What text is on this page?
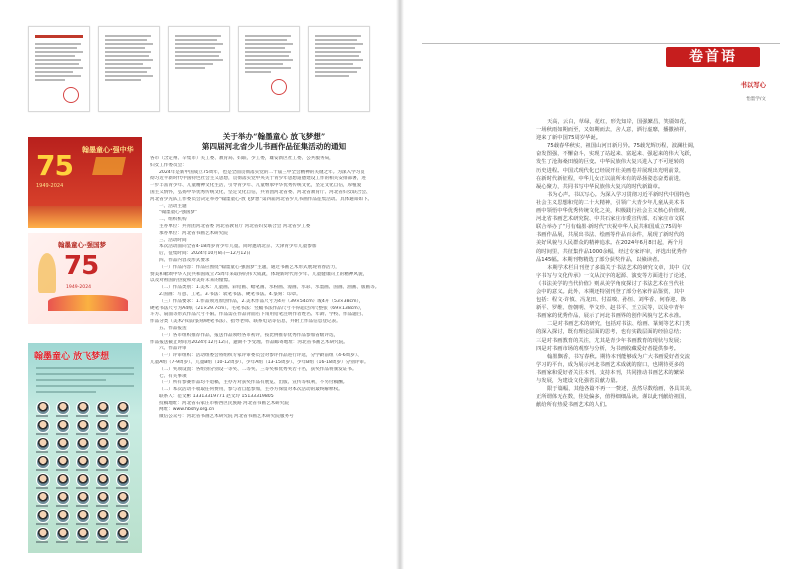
关于举办“翰墨童心 放飞梦想”
第四届河北省少儿书画作品征集活动的通知

各市（含定州、辛集市）关工委、教育局、妇联、少工委，雄安新区社工委、公共服务局，

妇女工作委员会：

2024年是新中国成立75周年，也是全面贯彻落实党的二十届三中全会精神的关键之年。为深入学习贯

彻习近平新时代中国特色社会主义思想，贯彻落实党中央关于青少年思想道德建设工作的相关安排部署，进

一步丰富青少年、儿童精神文化生活，引导青少年、儿童继承中华优秀传统文化，坚定文化自信，厚植爱

国主义情怀，弘扬中华优秀传统文化，坚定文化自信，共青团河北省委、河北省教育厅、河北省妇女联合会、

河北省少先队工作委员会决定举办“翰墨童心·放飞梦想”第四届河北省少儿书画作品征集活动。具体通知如下。

一、活动主题

“翰墨童心·强国梦”

二、组织机构

主办单位：共青团河北省委 河北省教育厅 河北省妇女联合会 河北省少工委

承办单位：河北省书画艺术研究院

三、活动时间

本次活动面向全省4-18周岁青少年儿童。同时邀请北京、天津青少年儿童参加

后，征集时间：2024年10月8日—12月12日

四、作品内容及形式要求

（一）作品内容：作品应围绕“翰墨童心·强国梦”主题，通过书画艺术形式展现青春活力，

赞美和歌颂中华人民共和国成立75周年来取得的伟大成就，体现新时代青少年、儿童健康向上的精神风貌，

以及对祖国的热爱和对美好未来的憧憬。

（二）作品类别：1.美术：儿童画、彩铅画、蜡笔画、水粉画、漫画、水彩、水墨画、国画、油画、版画等。

2.国画：写意、工笔。3.书法：软笔书法、硬笔书法。4.篆刻：印章。

（三）作品要求：1.作品须为原创作品，2.美术作品尺寸为4开（39×54cm）或4开（53×38cm），

硬笔书法尺寸为A4纸（21×29.7cm）。毛笔书法：竖幅书法作品尺寸不得超过四尺整张（69×138cm），

斗方、扇面等形式作品尺寸不限。作品需在作品背面右下角用铅笔注明作者姓名、年龄、学校、作品题目、

作品分类（美术/书法/篆刻/硬笔书法）、指导老师、联系电话等信息，并附上作品信息登记表。

五、作品报送

（一）各市组织推荐作品，报送作品须经各市初评，按比例推荐优秀作品参加省级评选，

作品报送截止时间为2024年12月12日，逾期不予受理。作品邮寄地址：河北省书画艺术研究院。

六、作品评审

（一）评审组织：活动组委会将组织专家评审委员会对参评作品进行评选，分学龄前组（4-6周岁）、

儿童A组（7-9周岁）、儿童B组（10-12周岁）、少年A组（13-15周岁）、少年B组（16-18周岁）分别评审。

（二）奖项设置：各组别分别设一等奖、二等奖、三等奖和优秀奖若干名，获奖作品将颁发证书。

七、有关事项

（一）所有参赛作品均不退稿，主办方对获奖作品有展览、出版、宣传等权利，不另付稿酬。

（二）本次活动不收取任何费用，参与者自愿参加，主办方保留对本次活动的最终解释权。

联系人：范文彬 13313319771 赵文玲 15133319805

投稿地址：河北省石家庄市桥西区民族路 河北省书画艺术研究院

网址：www.hbshy.org.cn

微信公众号：河北省书画艺术研究院 河北省书画艺术研究院服务号

翰墨童心·强中华
75
1949-2024
翰墨童心·强国梦
75
1949-2024
翰墨童心 放飞梦想
卷首语
书以写心
怡墨学/文

天高，云白，草绿，花红，形先知岸，国强繁昌，笑靥如花，

一场秋雨如期而至，又如期而去，舍人意，洒行虚靡，播撒祯祥，

迎来了新中国75周岁华诞。

75载春华秋实，祖国山河日新月异。75载光辉历程，波澜壮阔，

奋发图强，不懈奋斗，实现了站起来、富起来、强起来的伟大飞跃，

发生了沧海桑田般的巨变。中华民族伟大复兴进入了不可逆转的

历史进程。中国式现代化已经展开壮美画卷并展现出光明前景，

在新时代新征程，中华儿女正以前所未有的昂扬姿态奋勇前进，

凝心聚力，共同书写中华民族伟大复兴的时代新篇章。

书为心声。书以写心。为深入学习贯彻习近平新时代中国特色

社会主义思想和党的二十大精神，引领广大青少年儿童从美术书

画中领悟中华优秀传统文化之美，积极践行社会主义核心价值观，

河北省书画艺术研究院、中共石家庄市委宣传部、石家庄市文联

联合举办了“月有翰墨·新时代”庆祝中华人民共和国成立75周年

书画作品展，共展出书法、绘画等作品百余件，展现了新时代的

美好风貌与人民群众的精神追求。在2024年6月8日起，两个月

的时间里，共征集作品1000余幅，经过专家评审，评选出优秀作

品145幅。本期刊物精选了部分获奖作品，以飨读者。

本期学术栏目刊登了多篇关于书法艺术的研究文章，其中《汉

字书写与文化传承》一文从汉字的起源、演变等方面进行了论述，

《书法美学的当代价值》则从美学角度探讨了书法艺术在当代社

会中的意义。此外，本期还特别刊登了部分名家作品鉴赏，其中

包括：程文·许慎、冯龙田、付益嗅、孙恒、刘华香、何春迎、陈

新平、罗维、詹朝明、毕文珍、赵书平、王立民等，以及中青年

书画家的优秀作品，展示了河北书画界的创作风貌与艺术水准。

二是对书画艺术的研究，包括对书法、绘画、篆刻等艺术门类

的深入探讨，既有理论层面的思考，也有实践层面的经验总结；

三是对书画教育的关注，尤其是青少年书画教育的现状与发展；

四是对书画市场的观察与分析，为书画收藏爱好者提供参考。

翰墨飘香，书写春秋。期待本刊能够成为广大书画爱好者交流

学习的平台，成为展示河北书画艺术成就的窗口，也期待更多的

书画家和爱好者关注本刊、支持本刊，共同推动书画艺术的繁荣

与发展，为建设文化强省贡献力量。

限于篇幅，其他各篇不再一一赘述，虽然尽数绘画，各具其美，

正所谓体无在数，佳处偏多，值得细细品读。谨以此刊献给祖国，

献给所有热爱书画艺术的人们。
